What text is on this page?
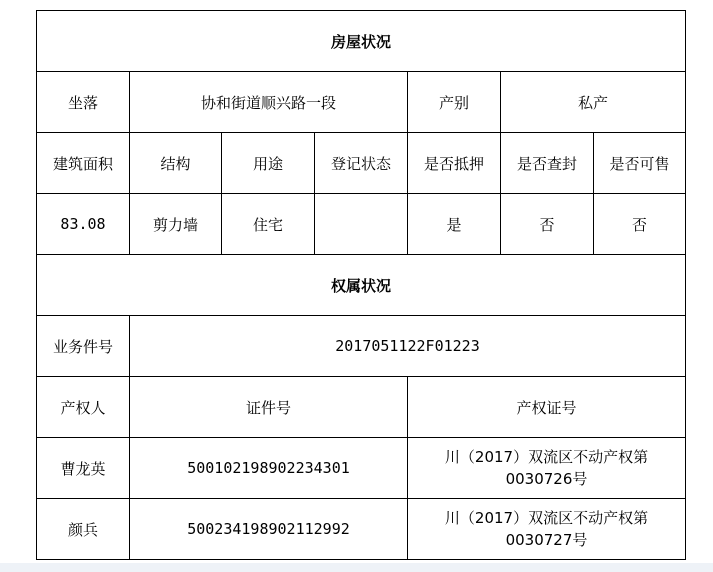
房屋状况						
坐落	协和街道顺兴路一段			产别	私产	
建筑面积	结构	用途	登记状态	是否抵押	是否查封	是否可售
83.08	剪力墙	住宅		是	否	否
权属状况						
业务件号	2017051122F01223					
产权人	证件号			产权证号		
曹龙英	500102198902234301			川（2017）双流区不动产权第0030726号		
颜兵	500234198902112992			川（2017）双流区不动产权第0030727号		
